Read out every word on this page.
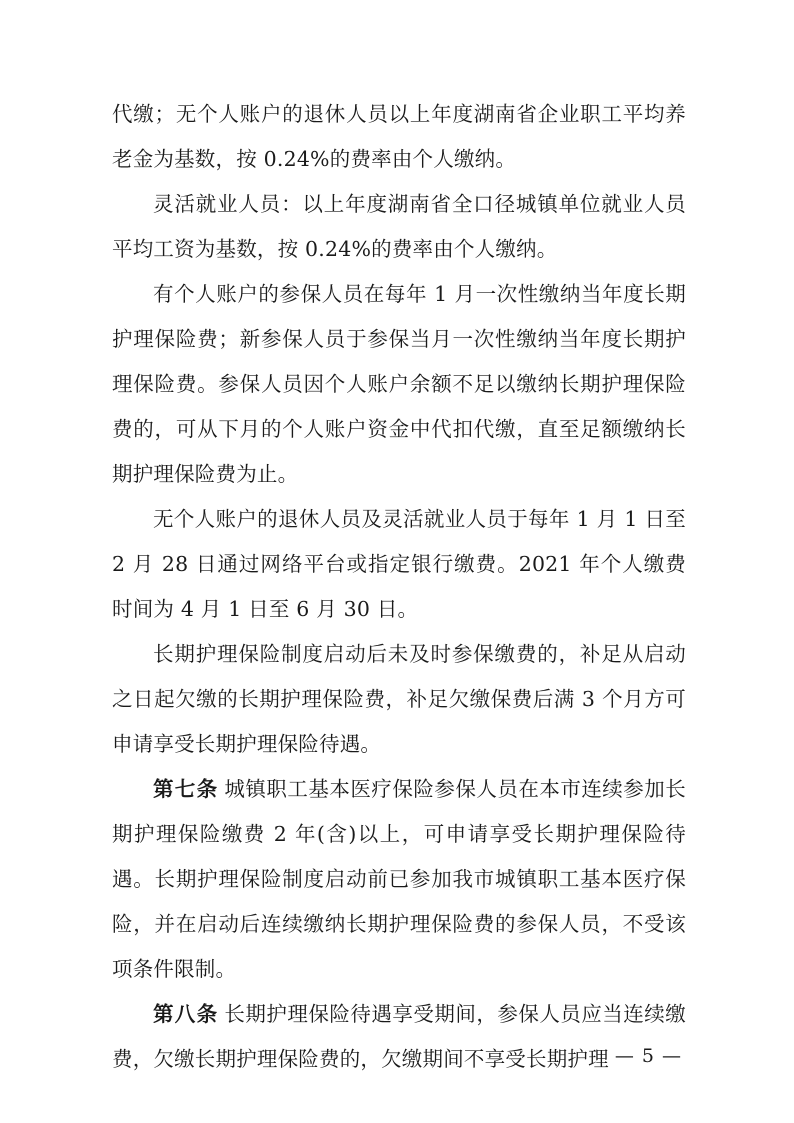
代缴；无个人账户的退休人员以上年度湖南省企业职工平均养老金为基数，按 0.24%的费率由个人缴纳。

灵活就业人员：以上年度湖南省全口径城镇单位就业人员平均工资为基数，按 0.24%的费率由个人缴纳。

有个人账户的参保人员在每年 1 月一次性缴纳当年度长期护理保险费；新参保人员于参保当月一次性缴纳当年度长期护理保险费。参保人员因个人账户余额不足以缴纳长期护理保险费的，可从下月的个人账户资金中代扣代缴，直至足额缴纳长期护理保险费为止。

无个人账户的退休人员及灵活就业人员于每年 1 月 1 日至 2 月 28 日通过网络平台或指定银行缴费。2021 年个人缴费时间为 4 月 1 日至 6 月 30 日。

长期护理保险制度启动后未及时参保缴费的，补足从启动之日起欠缴的长期护理保险费，补足欠缴保费后满 3 个月方可申请享受长期护理保险待遇。

第七条 城镇职工基本医疗保险参保人员在本市连续参加长期护理保险缴费 2 年(含)以上，可申请享受长期护理保险待遇。长期护理保险制度启动前已参加我市城镇职工基本医疗保险，并在启动后连续缴纳长期护理保险费的参保人员，不受该项条件限制。

第八条 长期护理保险待遇享受期间，参保人员应当连续缴费，欠缴长期护理保险费的，欠缴期间不享受长期护理 — 5 —
